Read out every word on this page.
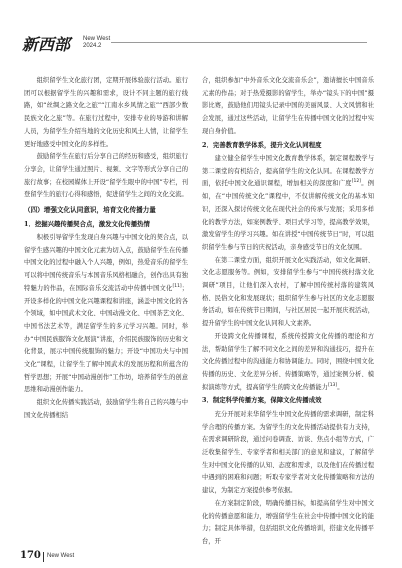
新西部 New West
2024.2

组织留学生文化旅行团，定期开展体验旅行活动。旅行团可以根据留学生的兴趣和需求，设计不同主题的旅行线路，如“丝绸之路文化之旅”“江南水乡风情之旅”“西部少数民族文化之旅”等。在旅行过程中，安排专业的导游和讲解人员，为留学生介绍当地的文化历史和风土人情，让留学生更好地感受中国文化的多样性。

鼓励留学生在旅行后分享自己的经历和感受，组织旅行分享会，让留学生通过照片、视频、文字等形式分享自己的旅行故事；在校园媒体上开设“留学生眼中的中国”专栏，刊登留学生的旅行心得和感悟，促进留学生之间的文化交流。

（四）增强文化认同意识，培育文化传播力量
1．挖掘兴趣传播契合点，激发文化传播热情

积极引导留学生发现自身兴趣与中国文化的契合点，以留学生感兴趣的中国文化元素为切入点，鼓励留学生在传播中国文化的过程中融入个人兴趣，例如，热爱音乐的留学生可以将中国传统音乐与本国音乐风格相融合，创作出具有独特魅力的作品，在国际音乐交流活动中传播中国文化[11]；开设多样化的中国文化兴趣课程和讲座，涵盖中国文化的各个领域，如中国武术文化、中国动漫文化、中国茶艺文化、中国书法艺术等，满足留学生的多元学习兴趣。同时，举办“中国民族服饰文化展演”讲座，介绍民族服饰的历史和文化背景，展示中国传统服饰的魅力；开设“中国功夫与中国文化”课程，让留学生了解中国武术的发展历程和所蕴含的哲学思想；开展“中国动漫创作”工作坊，培养留学生的创意思维和动漫创作能力。

组织文化传播实践活动，鼓励留学生将自己的兴趣与中国文化传播相结

合，组织参加“中外音乐文化交流音乐会”，邀请擅长中国音乐元素的作品；对于热爱摄影的留学生，举办“镜头下的中国”摄影比赛，鼓励他们用镜头记录中国的美丽风景、人文风情和社会发展，通过这些活动，让留学生在传播中国文化的过程中实现自身价值。

2．完善教育教学体系，提升文化认同程度

建立健全留学生中国文化教育教学体系，制定课程教学与第二课堂的有机结合，提高留学生的文化认同。在课程教学方面，依托中国文化通识课程，增加相关的深度和广度[12]。例如，在“中国传统文化”课程中，不仅讲解传统文化的基本知识，还深入探讨传统文化在现代社会的传承与发展；采用多样化的教学方法，如案例教学、项目式学习等，提高教学效果，激发留学生的学习兴趣。如在讲授“中国传统节日”时，可以组织留学生参与节日的庆祝活动，亲身感受节日的文化氛围。

在第二课堂方面，组织开展文化实践活动，如文化调研、文化志愿服务等。例如，安排留学生参与“中国传统村落文化调研”项目，让他们深入农村，了解中国传统村落的建筑风格、民俗文化和发展现状；组织留学生参与社区的文化志愿服务活动，如在传统节日期间，与社区居民一起开展庆祝活动，提升留学生的中国文化认同和人文素养。

开设跨文化传播课程，系统传授跨文化传播的理论和方法，帮助留学生了解不同文化之间的差异和沟通技巧，提升在文化传播过程中的沟通能力和协调能力。同时，围绕中国文化传播的历史、文化差异分析、传播策略等，通过案例分析、模拟演练等方式，提高留学生的跨文化传播能力[13]。

3．制定科学传播方案，保障文化传播成效

充分开展对来华留学生中国文化传播的需求调研，制定科学合理的传播方案。为留学生的文化传播活动提供有力支持，在需求调研阶段，通过问卷调查、访谈、焦点小组等方式，广泛收集留学生、专家学者和相关部门的意见和建议，了解留学生对中国文化传播的认知、态度和需求，以及他们在传播过程中遇到的困难和问题；听取专家学者对文化传播策略和方法的建议，为制定方案提供参考依据。

在方案制定阶段，明确传播目标，如提高留学生对中国文化的传播意愿和能力，增强留学生在社会中传播中国文化的能力；制定具体举措，包括组织文化传播培训，搭建文化传播平台，开

170 New West
